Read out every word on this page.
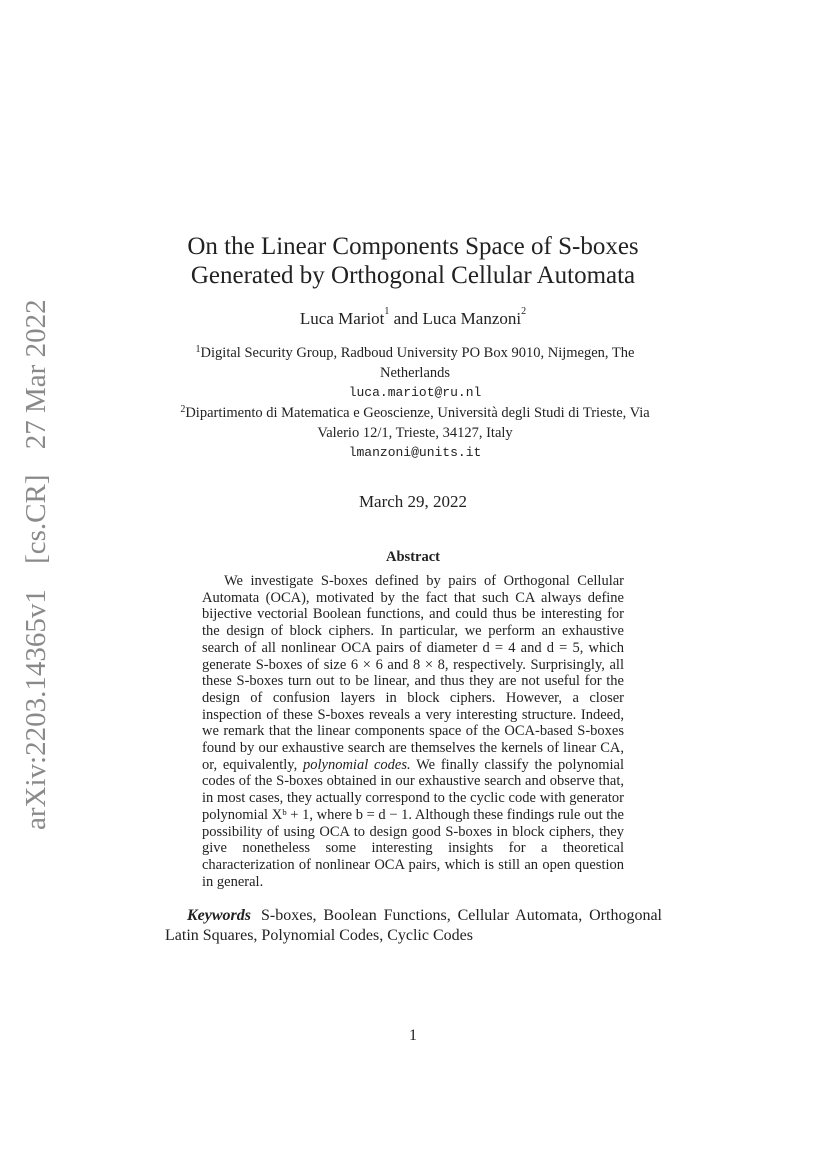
arXiv:2203.14365v1 [cs.CR] 27 Mar 2022
On the Linear Components Space of S-boxes
Generated by Orthogonal Cellular Automata
Luca Mariot$^1$ and Luca Manzoni$^2$
$^1$Digital Security Group, Radboud University PO Box 9010, Nijmegen, The Netherlands
luca.mariot@ru.nl
$^2$Dipartimento di Matematica e Geoscienze, Università degli Studi di Trieste, Via Valerio 12/1, Trieste, 34127, Italy
lmanzoni@units.it
March 29, 2022
Abstract
We investigate S-boxes defined by pairs of Orthogonal Cellular Automata (OCA), motivated by the fact that such CA always define bijective vectorial Boolean functions, and could thus be interesting for the design of block ciphers. In particular, we perform an exhaustive search of all nonlinear OCA pairs of diameter d = 4 and d = 5, which generate S-boxes of size 6 × 6 and 8 × 8, respectively. Surprisingly, all these S-boxes turn out to be linear, and thus they are not useful for the design of confusion layers in block ciphers. However, a closer inspection of these S-boxes reveals a very interesting structure. Indeed, we remark that the linear components space of the OCA-based S-boxes found by our exhaustive search are themselves the kernels of linear CA, or, equivalently, polynomial codes. We finally classify the polynomial codes of the S-boxes obtained in our exhaustive search and observe that, in most cases, they actually correspond to the cyclic code with generator polynomial Xᵇ + 1, where b = d − 1. Although these findings rule out the possibility of using OCA to design good S-boxes in block ciphers, they give nonetheless some interesting insights for a theoretical characterization of nonlinear OCA pairs, which is still an open question in general.
Keywords S-boxes, Boolean Functions, Cellular Automata, Orthogonal Latin Squares, Polynomial Codes, Cyclic Codes
1
